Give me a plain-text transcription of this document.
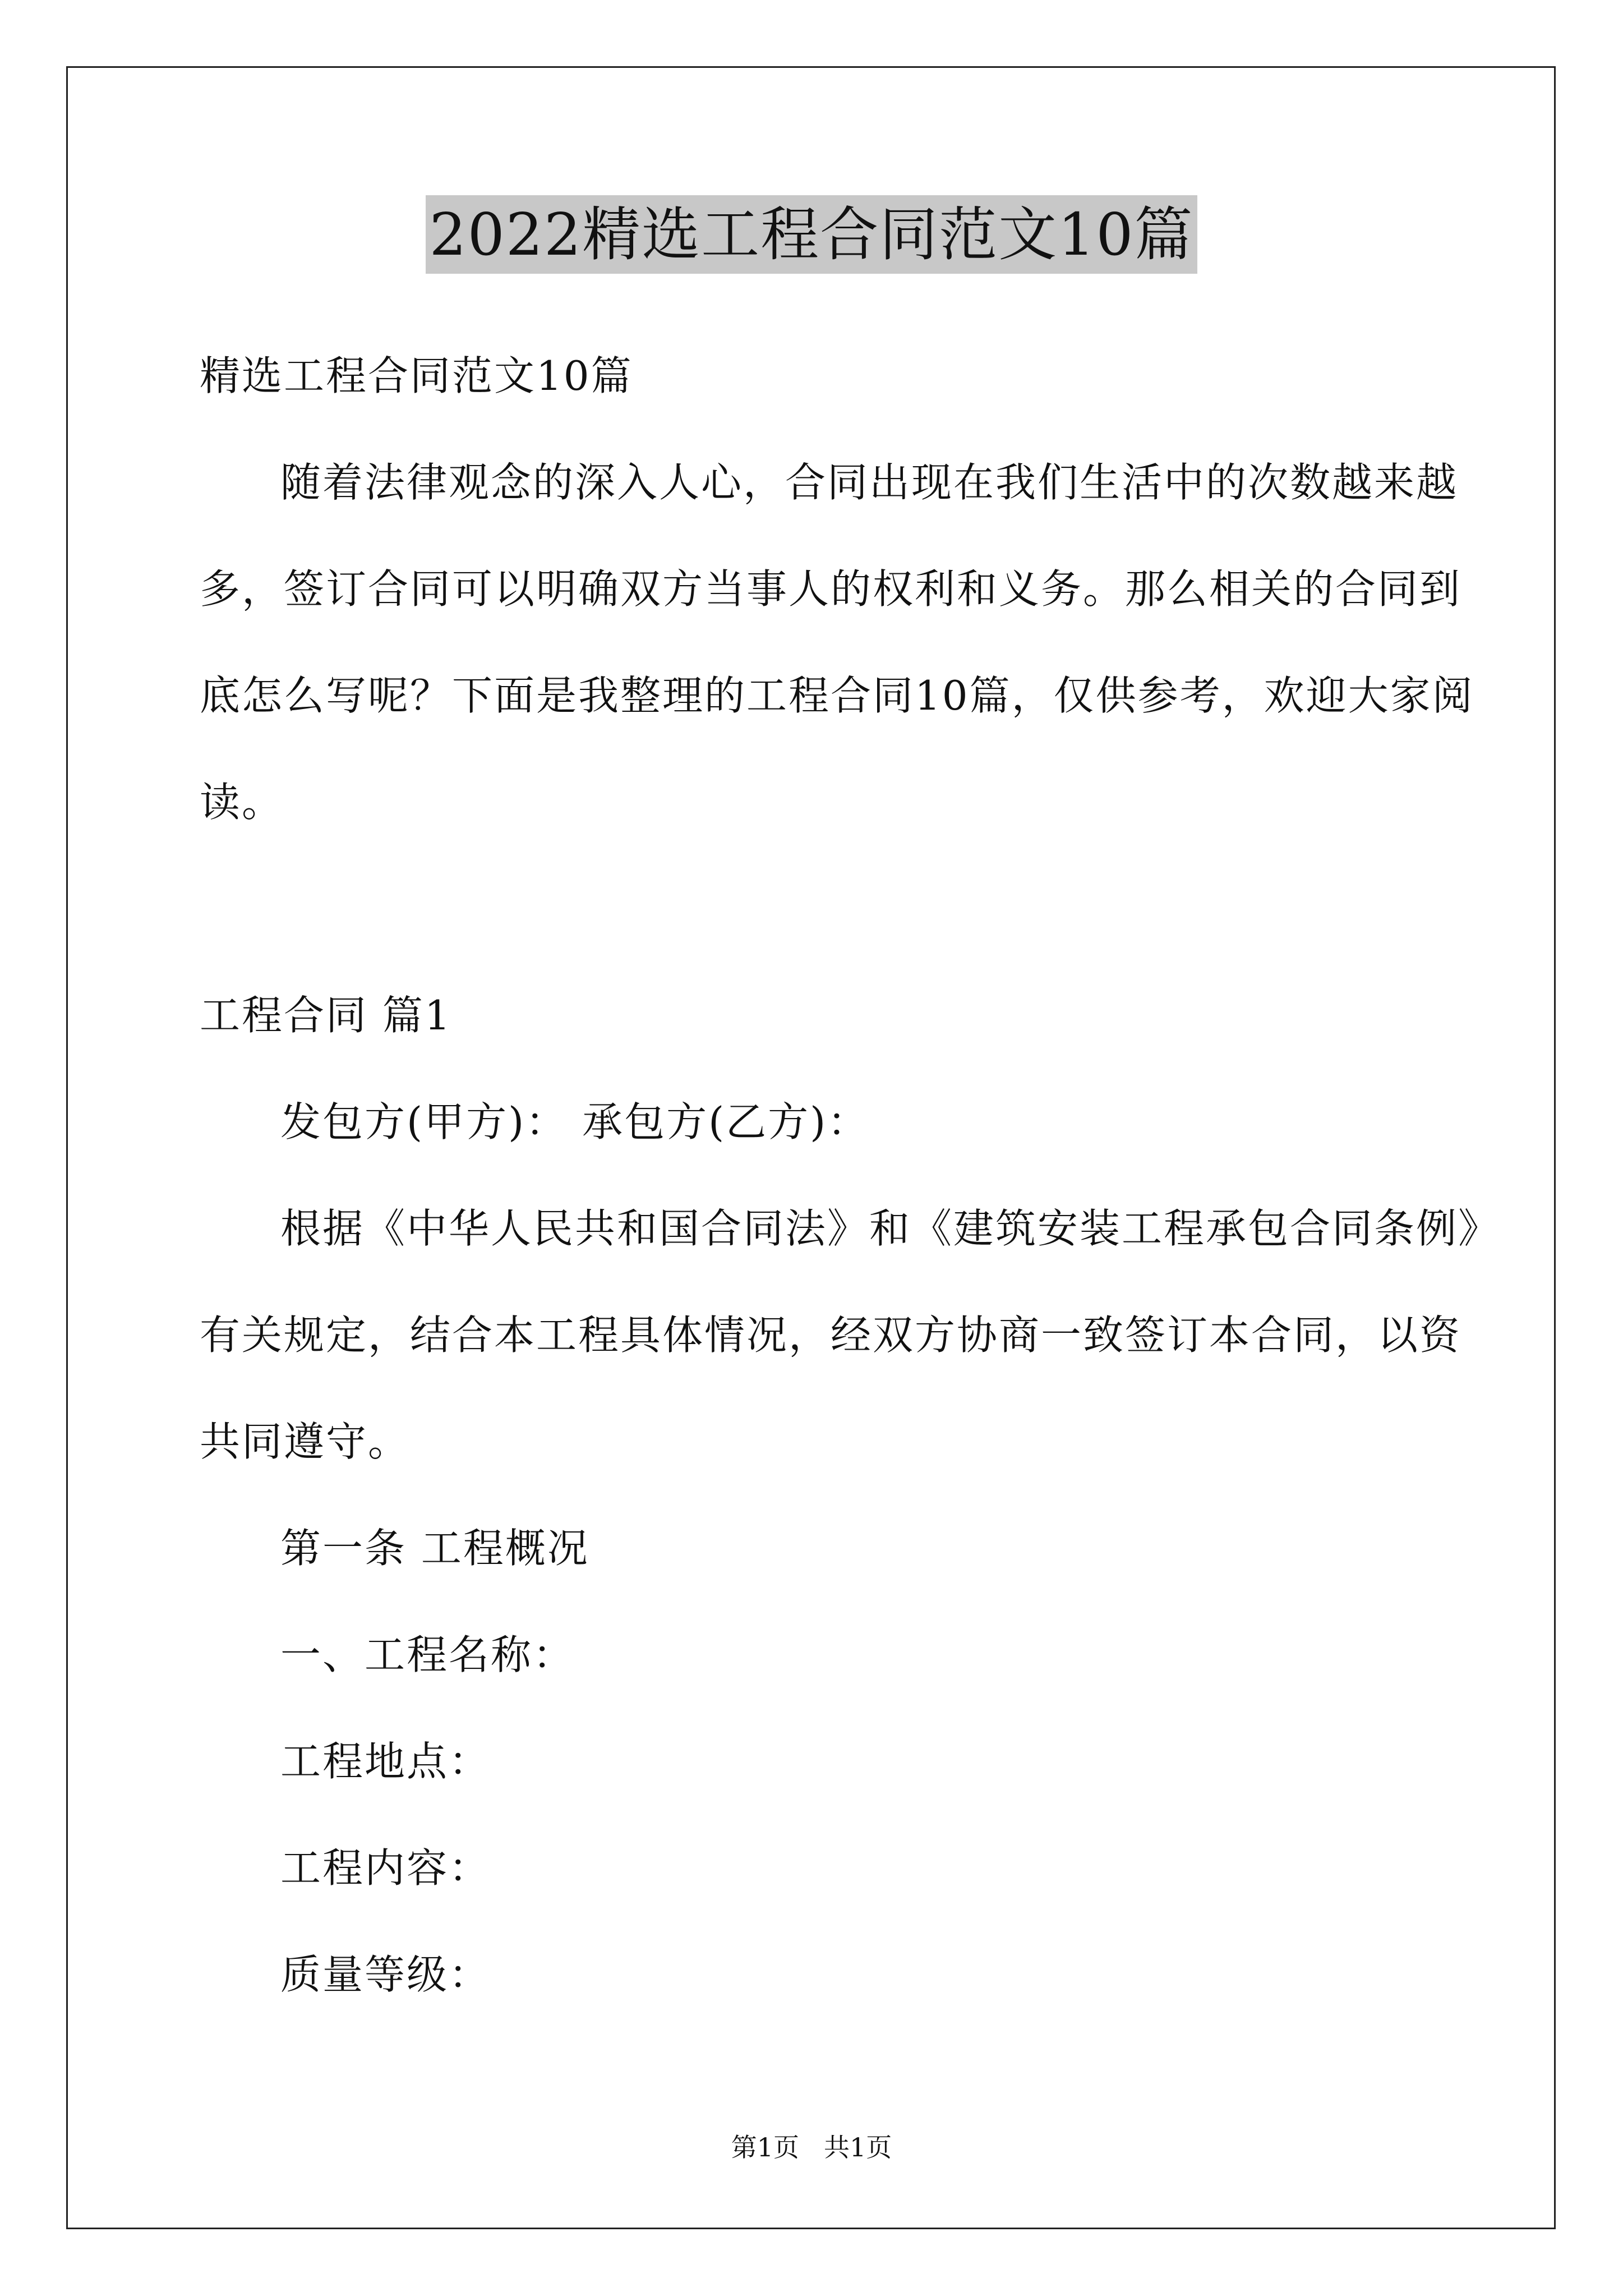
2022精选工程合同范文10篇
精选工程合同范文10篇
随着法律观念的深入人心，合同出现在我们生活中的次数越来越
多，签订合同可以明确双方当事人的权利和义务。那么相关的合同到
底怎么写呢？下面是我整理的工程合同10篇，仅供参考，欢迎大家阅
读。
工程合同 篇1
发包方(甲方)： 承包方(乙方)：
根据《中华人民共和国合同法》和《建筑安装工程承包合同条例》
有关规定，结合本工程具体情况，经双方协商一致签订本合同，以资
共同遵守。
第一条 工程概况
一、工程名称：
工程地点：
工程内容：
质量等级：
第1页 共1页
